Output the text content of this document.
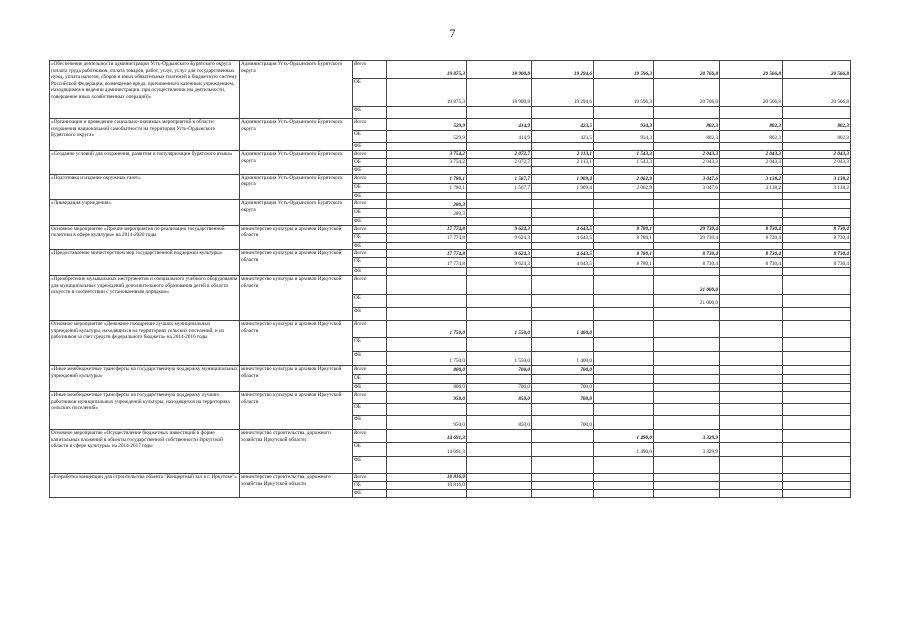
7
«Обеспечение деятельности администрации Усть-Ордынского Бурятского округа (оплата труда работников, оплата товаров, работ, услуг, услуг для государственных нужд, уплата налогов, сборов и иных обязательных платежей в бюджетную систему Российской Федерации, возмещение вреда, причиненного казенным учреждением, находящимся в ведении администрации, при осуществлении им деятельности, совершение иных хозяйственных операций)»	Администрация Усть-Ордынского Бурятского округа	Всего	19 875,3	18 900,8	19 294,6	19 596,3	20 766,8	20 566,8	20 566,8
		ОБ	19 875,3	18 900,8	19 294,6	19 596,3	20 766,8	20 566,8	20 566,8
		ФБ							
«Организация и проведение социально-значимых мероприятий в области сохранения национальной самобытности на территории Усть-Ордынского Бурятского округа»	Администрация Усть-Ордынского Бурятского округа	Всего	529,9	414,9	423,5	934,3	802,3	802,3	802,3
		ОБ	529,9	414,9	423,5	934,3	802,3	802,3	802,3
		ФБ							
«Создание условий для сохранения, развития и популяризации бурятского языка»	Администрация Усть-Ордынского Бурятского округа	Всего	3 754,2	2 072,7	2 113,1	1 543,3	2 043,3	2 043,3	2 043,3
		ОБ	3 754,2	2 072,7	2 113,1	1 543,3	2 043,3	2 043,3	2 043,3
		ФБ							
«Подготовка и издание окружных газет»	Администрация Усть-Ордынского Бурятского округа	Всего	1 780,1	1 567,7	1 909,4	2 062,9	3 047,6	3 138,2	3 138,2
		ОБ	1 780,1	1 567,7	1 909,4	2 062,9	3 047,6	3 138,2	3 138,2
		ФБ							
«Ликвидация учреждения»	Администрация Усть-Ордынского Бурятского округа	Всего	280,3						
		ОБ	280,3						
		ФБ							
Основное мероприятие «Прочие мероприятия по реализации государственной политики в сфере культуры» на 2014-2020 годы	министерство культуры и архивов Иркутской области	Всего	17 774,8	9 624,3	4 643,5	8 780,1	29 730,4	8 730,4	8 730,4
		ОБ	17 774,8	9 624,3	4 643,5	8 780,1	29 730,4	8 730,4	8 730,4
		ФБ							
«Предоставление министерством мер государственной поддержки культуры»	министерство культуры и архивов Иркутской области	Всего	17 774,8	9 624,3	4 643,5	8 780,1	8 730,4	8 730,4	8 730,4
		ОБ	17 774,8	9 624,3	4 643,5	8 780,1	8 730,4	8 730,4	8 730,4
		ФБ							
«Приобретение музыкальных инструментов и специального учебного оборудования для муниципальных учреждений дополнительного образования детей в области искусств в соответствии с установленным порядком»	министерство культуры и архивов Иркутской области	Всего					21 000,0		
		ОБ					21 000,0		
		ФБ							
Основное мероприятие «Денежное поощрение лучших муниципальных учреждений культуры, находящихся на территориях сельских поселений, и их работников за счет средств федерального бюджета» на 2014-2016 годы	министерство культуры и архивов Иркутской области	Всего	1 750,0	1 550,0	1 400,0				
		ОБ							
		ФБ	1 750,0	1 550,0	1 400,0				
«Иные межбюджетные трансферты на государственную поддержку муниципальных учреждений культуры»	министерство культуры и архивов Иркутской области	Всего	800,0	700,0	700,0				
		ОБ							
		ФБ	800,0	700,0	700,0				
«Иные межбюджетные трансферты на государственную поддержку лучших работников муниципальных учреждений культуры, находящихся на территориях сельских поселений»	министерство культуры и архивов Иркутской области	Всего	950,0	850,0	700,0				
		ОБ							
		ФБ	950,0	850,0	700,0				
Основное мероприятие «Осуществление бюджетных инвестиций в форме капитальных вложений в объекты государственной собственности Иркутской области в сфере культуры» на 2014-2017 годы	министерство строительства, дорожного хозяйства Иркутской области	Всего	14 691,3			1 490,0	3 329,9		
		ОБ	14 691,3			1 490,0	3 329,9		
		ФБ							
«Разработка концепции для строительства объекта "Концертный зал в г. Иркутске"»	министерство строительства, дорожного хозяйства Иркутской области	Всего	10 816,0						
		ОБ	10 816,0						
		ФБ							
